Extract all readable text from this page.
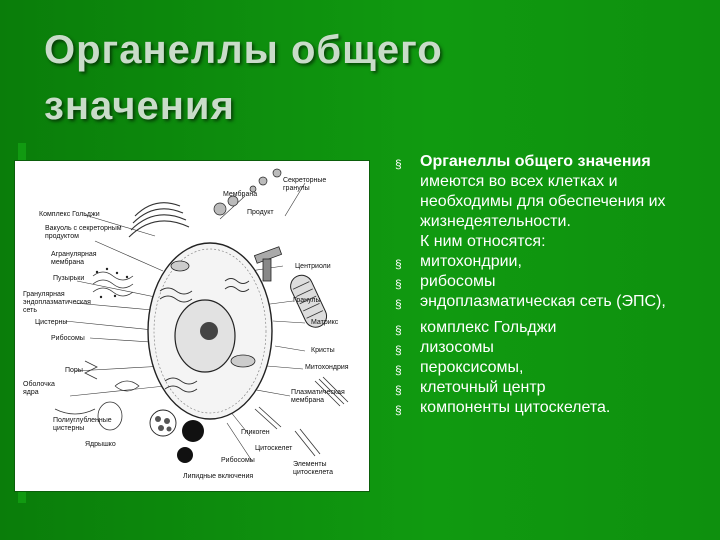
Органеллы общего
значения
Мембрана
Секреторные
гранулы
Комплекс Гольджи	Продукт
Вакуоль с секреторным
продуктом
Агранулярная
мембрана
Центриоли
Пузырьки
Гранулярная
эндоплазматическая
сеть
Гранулы
Цистерны	Матрикс
Рибосомы
Кристы
Митохондрия
Поры
Оболочка
ядра	Плазматическая
мембрана
Полиуглубленные
цистерны
Ядрышко
Гликоген
Цитоскелет
Рибосомы
Липидные включения
Элементы
цитоскелета
§ Органеллы общего значения имеются во всех клетках и необходимы для обеспечения их жизнедеятельности.
К ним относятся:
§ митохондрии,
§ рибосомы
§ эндоплазматическая сеть (ЭПС),
§ комплекс Гольджи
§ лизосомы
§ пероксисомы,
§ клеточный центр
§ компоненты цитоскелета.
